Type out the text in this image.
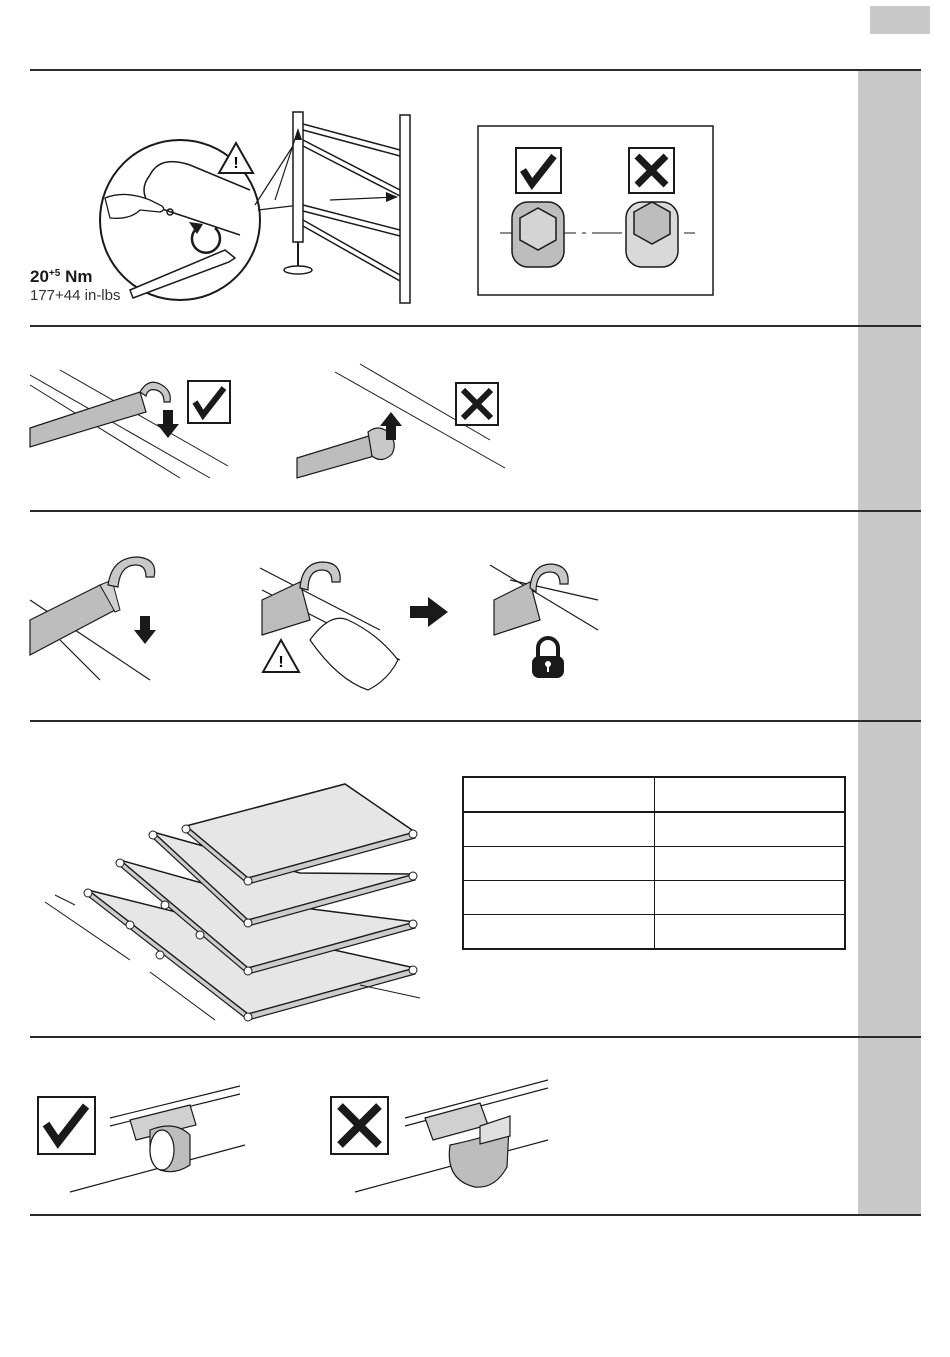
!
$20^{+5}$ Nm
177+44 in-lbs
!
